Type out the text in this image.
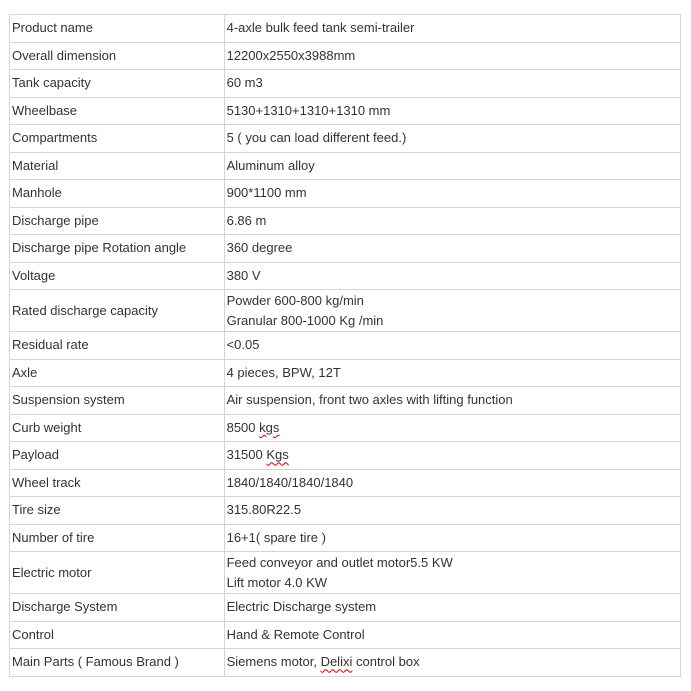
Product name	4-axle bulk feed tank semi-trailer

Overall dimension	12200x2550x3988mm

Tank capacity	60 m3

Wheelbase	5130+1310+1310+1310 mm

Compartments	5 ( you can load different feed.)

Material	Aluminum alloy

Manhole	900*1100 mm

Discharge pipe	6.86 m

Discharge pipe Rotation angle	360 degree

Voltage	380 V

Rated discharge capacity	Powder 600-800 kg/min
Granular 800-1000 Kg /min

Residual rate	<0.05

Axle	4 pieces, BPW, 12T

Suspension system	Air suspension, front two axles with lifting function

Curb weight	8500 kgs

Payload	31500 Kgs

Wheel track	1840/1840/1840/1840

Tire size	315.80R22.5

Number of tire	16+1( spare tire )

Electric motor	Feed conveyor and outlet motor5.5 KW
Lift motor 4.0 KW

Discharge System	Electric Discharge system

Control	Hand & Remote Control

Main Parts ( Famous Brand )	Siemens motor, Delixi control box
